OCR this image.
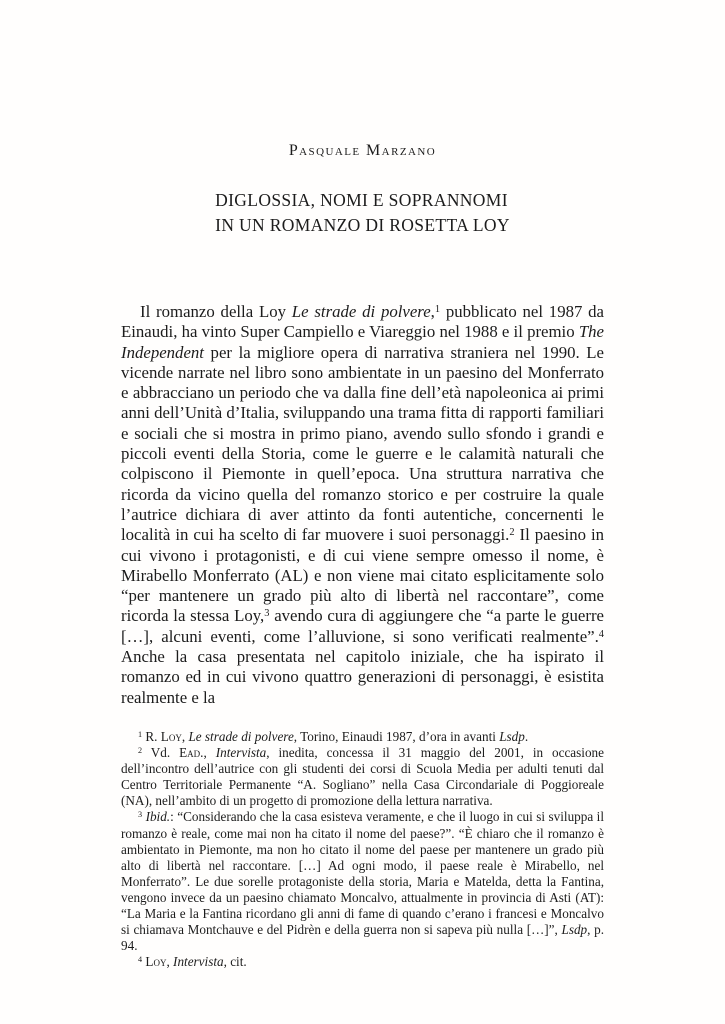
Pasquale Marzano
DIGLOSSIA, NOMI E SOPRANNOMI
IN UN ROMANZO DI ROSETTA LOY

Il romanzo della Loy Le strade di polvere,$^1$ pubblicato nel 1987 da Einaudi, ha vinto Super Campiello e Viareggio nel 1988 e il premio The Independent per la migliore opera di narrativa straniera nel 1990. Le vicende narrate nel libro sono ambientate in un paesino del Monferrato e abbracciano un periodo che va dalla fine dell’età napoleonica ai primi anni dell’Unità d’Italia, sviluppando una trama fitta di rapporti familiari e sociali che si mostra in primo piano, avendo sullo sfondo i grandi e piccoli eventi della Storia, come le guerre e le calamità naturali che colpiscono il Piemonte in quell’epoca. Una struttura narrativa che ricorda da vicino quella del romanzo storico e per costruire la quale l’autrice dichiara di aver attinto da fonti autentiche, concernenti le località in cui ha scelto di far muovere i suoi personaggi.$^2$ Il paesino in cui vivono i protagonisti, e di cui viene sempre omesso il nome, è Mirabello Monferrato (AL) e non viene mai citato esplicitamente solo “per mantenere un grado più alto di libertà nel raccontare”, come ricorda la stessa Loy,$^3$ avendo cura di aggiungere che “a parte le guerre […], alcuni eventi, come l’alluvione, si sono verificati realmente”.$^4$ Anche la casa presentata nel capitolo iniziale, che ha ispirato il romanzo ed in cui vivono quattro generazioni di personaggi, è esistita realmente e la

$^1$ R. Loy, Le strade di polvere, Torino, Einaudi 1987, d’ora in avanti Lsdp.

$^2$ Vd. Ead., Intervista, inedita, concessa il 31 maggio del 2001, in occasione dell’incontro dell’autrice con gli studenti dei corsi di Scuola Media per adulti tenuti dal Centro Territoriale Permanente “A. Sogliano” nella Casa Circondariale di Poggioreale (NA), nell’ambito di un progetto di promozione della lettura narrativa.

$^3$ Ibid.: “Considerando che la casa esisteva veramente, e che il luogo in cui si sviluppa il romanzo è reale, come mai non ha citato il nome del paese?”. “È chiaro che il romanzo è ambientato in Piemonte, ma non ho citato il nome del paese per mantenere un grado più alto di libertà nel raccontare. […] Ad ogni modo, il paese reale è Mirabello, nel Monferrato”. Le due sorelle protagoniste della storia, Maria e Matelda, detta la Fantina, vengono invece da un paesino chiamato Moncalvo, attualmente in provincia di Asti (AT): “La Maria e la Fantina ricordano gli anni di fame di quando c’erano i francesi e Moncalvo si chiamava Montchauve e del Pidrèn e della guerra non si sapeva più nulla […]”, Lsdp, p. 94.

$^4$ Loy, Intervista, cit.
